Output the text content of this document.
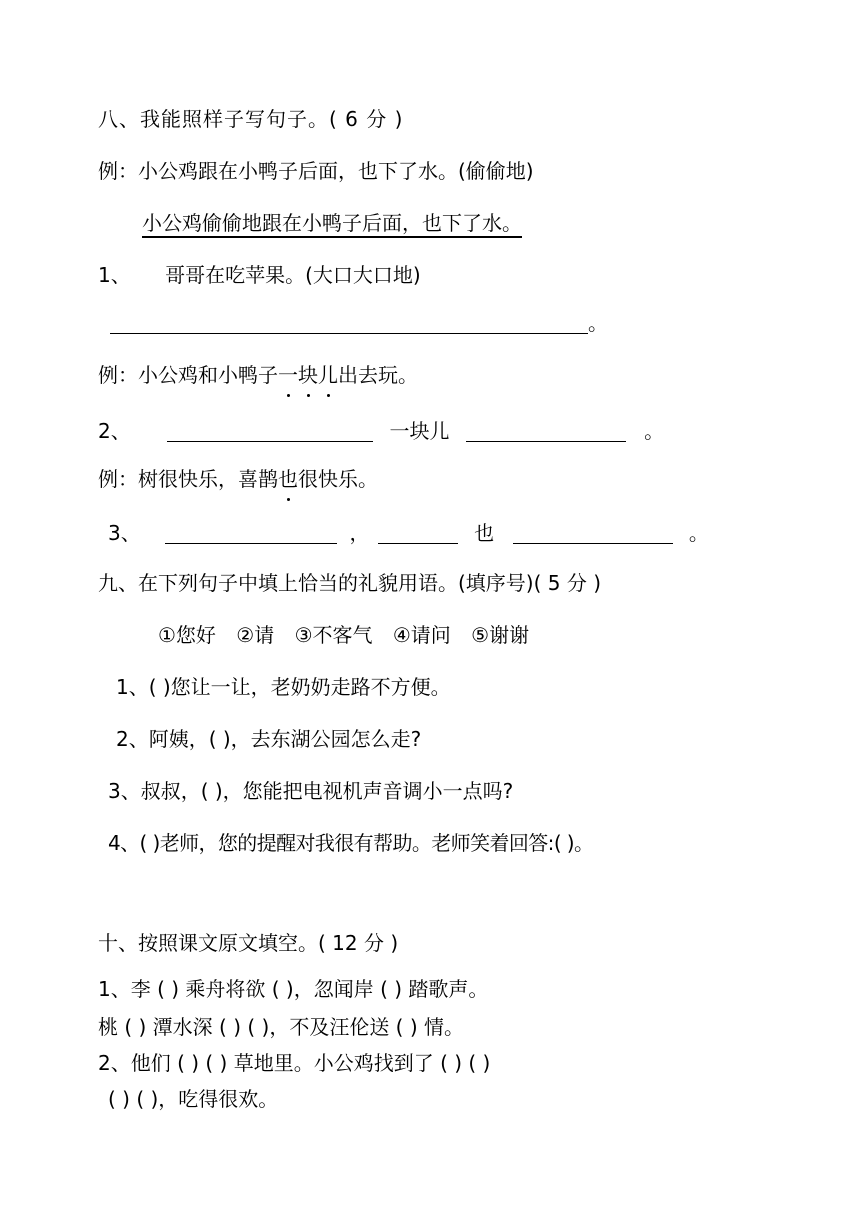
八、我能照样子写句子。( 6 分 )
例：小公鸡跟在小鸭子后面，也下了水。(偷偷地)
小公鸡偷偷地跟在小鸭子后面，也下了水。
1、 哥哥在吃苹果。(大口大口地)
。
例：小公鸡和小鸭子一块儿出去玩。
2、	一块儿	。
例：树很快乐，喜鹊也很快乐。
3、	，	也	。
九、在下列句子中填上恰当的礼貌用语。(填序号)( 5 分 )
①您好 ②请 ③不客气 ④请问 ⑤谢谢
1、( )您让一让，老奶奶走路不方便。
2、阿姨，( )，去东湖公园怎么走?
3、叔叔，( )，您能把电视机声音调小一点吗?
4、( )老师，您的提醒对我很有帮助。老师笑着回答:( )。
十、按照课文原文填空。( 12 分 )
1、李 ( ) 乘舟将欲 ( )，忽闻岸 ( ) 踏歌声。
桃 ( ) 潭水深 ( ) ( )，不及汪伦送 ( ) 情。
2、他们 ( ) ( ) 草地里。小公鸡找到了 ( ) ( )
( ) ( )，吃得很欢。
